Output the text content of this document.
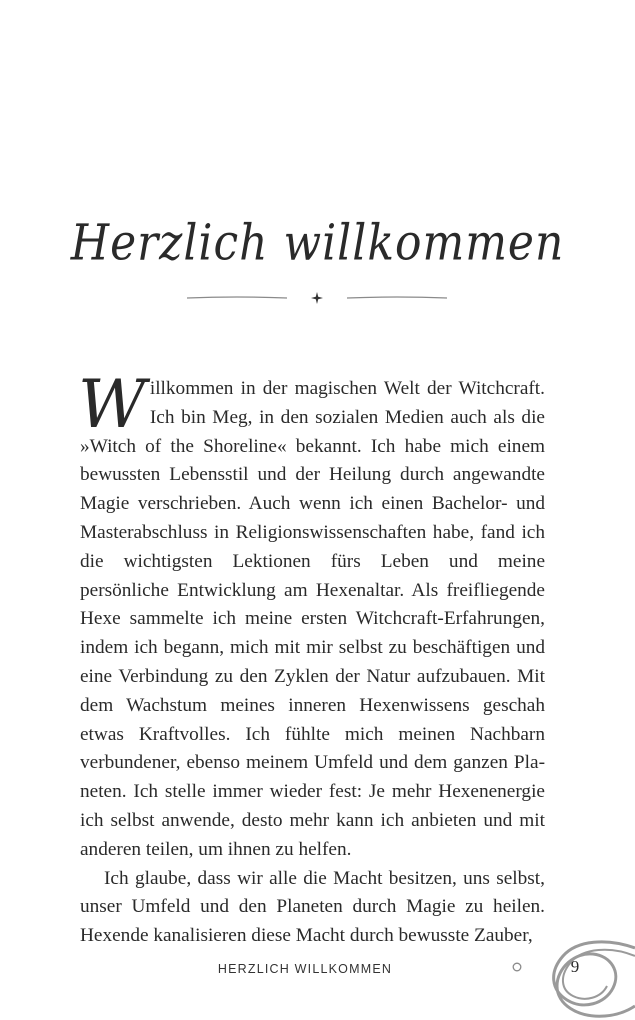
Herzlich willkommen

Willkommen in der magischen Welt der Witchcraft. Ich bin Meg, in den sozialen Medien auch als die »Witch of the Shoreline« bekannt. Ich habe mich einem bewussten Lebensstil und der Heilung durch angewandte Magie verschrieben. Auch wenn ich einen Bachelor- und Masterabschluss in Religionswissenschaften habe, fand ich die wichtigsten Lektionen fürs Leben und meine persönliche Entwicklung am Hexenaltar. Als freifliegende Hexe sammelte ich meine ersten Witchcraft-Erfahrungen, indem ich begann, mich mit mir selbst zu beschäftigen und eine Verbindung zu den Zyklen der Natur aufzubauen. Mit dem Wachstum meines inneren Hexenwissens geschah etwas Kraftvolles. Ich fühlte mich meinen Nachbarn verbundener, ebenso meinem Umfeld und dem ganzen Planeten. Ich stelle immer wieder fest: Je mehr Hexenenergie ich selbst anwende, desto mehr kann ich anbieten und mit anderen teilen, um ihnen zu helfen.

Ich glaube, dass wir alle die Macht besitzen, uns selbst, unser Umfeld und den Planeten durch Magie zu heilen. Hexende kanalisieren diese Macht durch bewusste Zauber,

HERZLICH WILLKOMMEN	9
